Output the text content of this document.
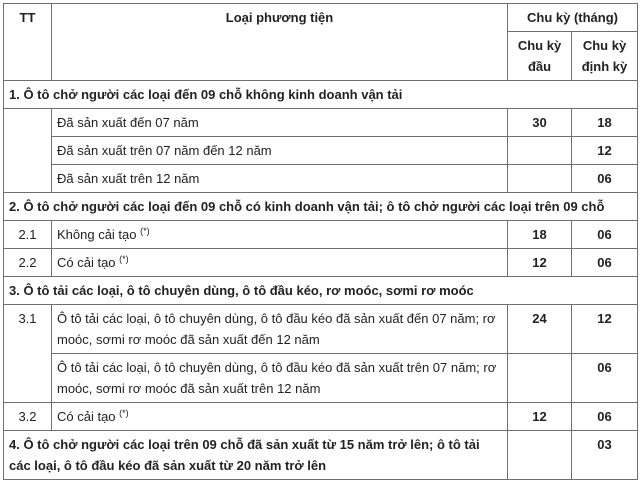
TT	Loại phương tiện	Chu kỳ (tháng)	
		Chu kỳ đầu	Chu kỳ định kỳ
1. Ô tô chở người các loại đến 09 chỗ không kinh doanh vận tải			
	Đã sản xuất đến 07 năm	30	18
	Đã sản xuất trên 07 năm đến 12 năm		12
	Đã sản xuất trên 12 năm		06
2. Ô tô chở người các loại đến 09 chỗ có kinh doanh vận tải; ô tô chở người các loại trên 09 chỗ			
2.1	Không cải tạo (*)	18	06
2.2	Có cải tạo (*)	12	06
3. Ô tô tải các loại, ô tô chuyên dùng, ô tô đầu kéo, rơ moóc, sơmi rơ moóc			
3.1	Ô tô tải các loại, ô tô chuyên dùng, ô tô đầu kéo đã sản xuất đến 07 năm; rơ moóc, sơmi rơ moóc đã sản xuất đến 12 năm	24	12
	Ô tô tải các loại, ô tô chuyên dùng, ô tô đầu kéo đã sản xuất trên 07 năm; rơ moóc, sơmi rơ moóc đã sản xuất trên 12 năm		06
3.2	Có cải tạo (*)	12	06
4. Ô tô chở người các loại trên 09 chỗ đã sản xuất từ 15 năm trở lên; ô tô tải các loại, ô tô đầu kéo đã sản xuất từ 20 năm trở lên			03
